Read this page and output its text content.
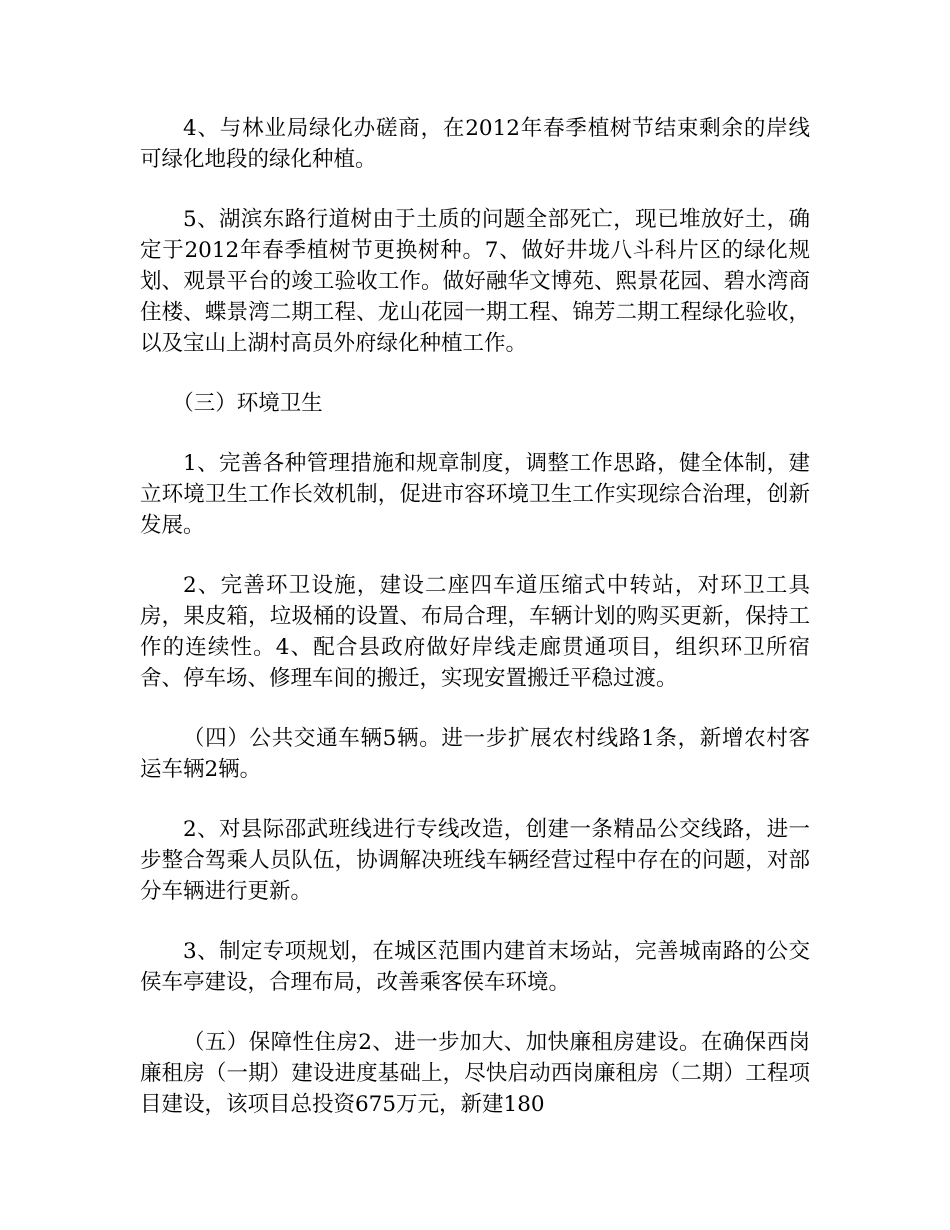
4、与林业局绿化办磋商，在2012年春季植树节结束剩余的岸线可绿化地段的绿化种植。

5、湖滨东路行道树由于土质的问题全部死亡，现已堆放好土，确定于2012年春季植树节更换树种。7、做好井垅八斗科片区的绿化规划、观景平台的竣工验收工作。做好融华文博苑、熙景花园、碧水湾商住楼、蝶景湾二期工程、龙山花园一期工程、锦芳二期工程绿化验收，以及宝山上湖村高员外府绿化种植工作。

（三）环境卫生

1、完善各种管理措施和规章制度，调整工作思路，健全体制，建立环境卫生工作长效机制，促进市容环境卫生工作实现综合治理，创新发展。

2、完善环卫设施，建设二座四车道压缩式中转站，对环卫工具房，果皮箱，垃圾桶的设置、布局合理，车辆计划的购买更新，保持工作的连续性。4、配合县政府做好岸线走廊贯通项目，组织环卫所宿舍、停车场、修理车间的搬迁，实现安置搬迁平稳过渡。

（四）公共交通车辆5辆。进一步扩展农村线路1条，新增农村客运车辆2辆。

2、对县际邵武班线进行专线改造，创建一条精品公交线路，进一步整合驾乘人员队伍，协调解决班线车辆经营过程中存在的问题，对部分车辆进行更新。

3、制定专项规划，在城区范围内建首末场站，完善城南路的公交侯车亭建设，合理布局，改善乘客侯车环境。

（五）保障性住房2、进一步加大、加快廉租房建设。在确保西岗廉租房（一期）建设进度基础上，尽快启动西岗廉租房（二期）工程项目建设，该项目总投资675万元，新建180
